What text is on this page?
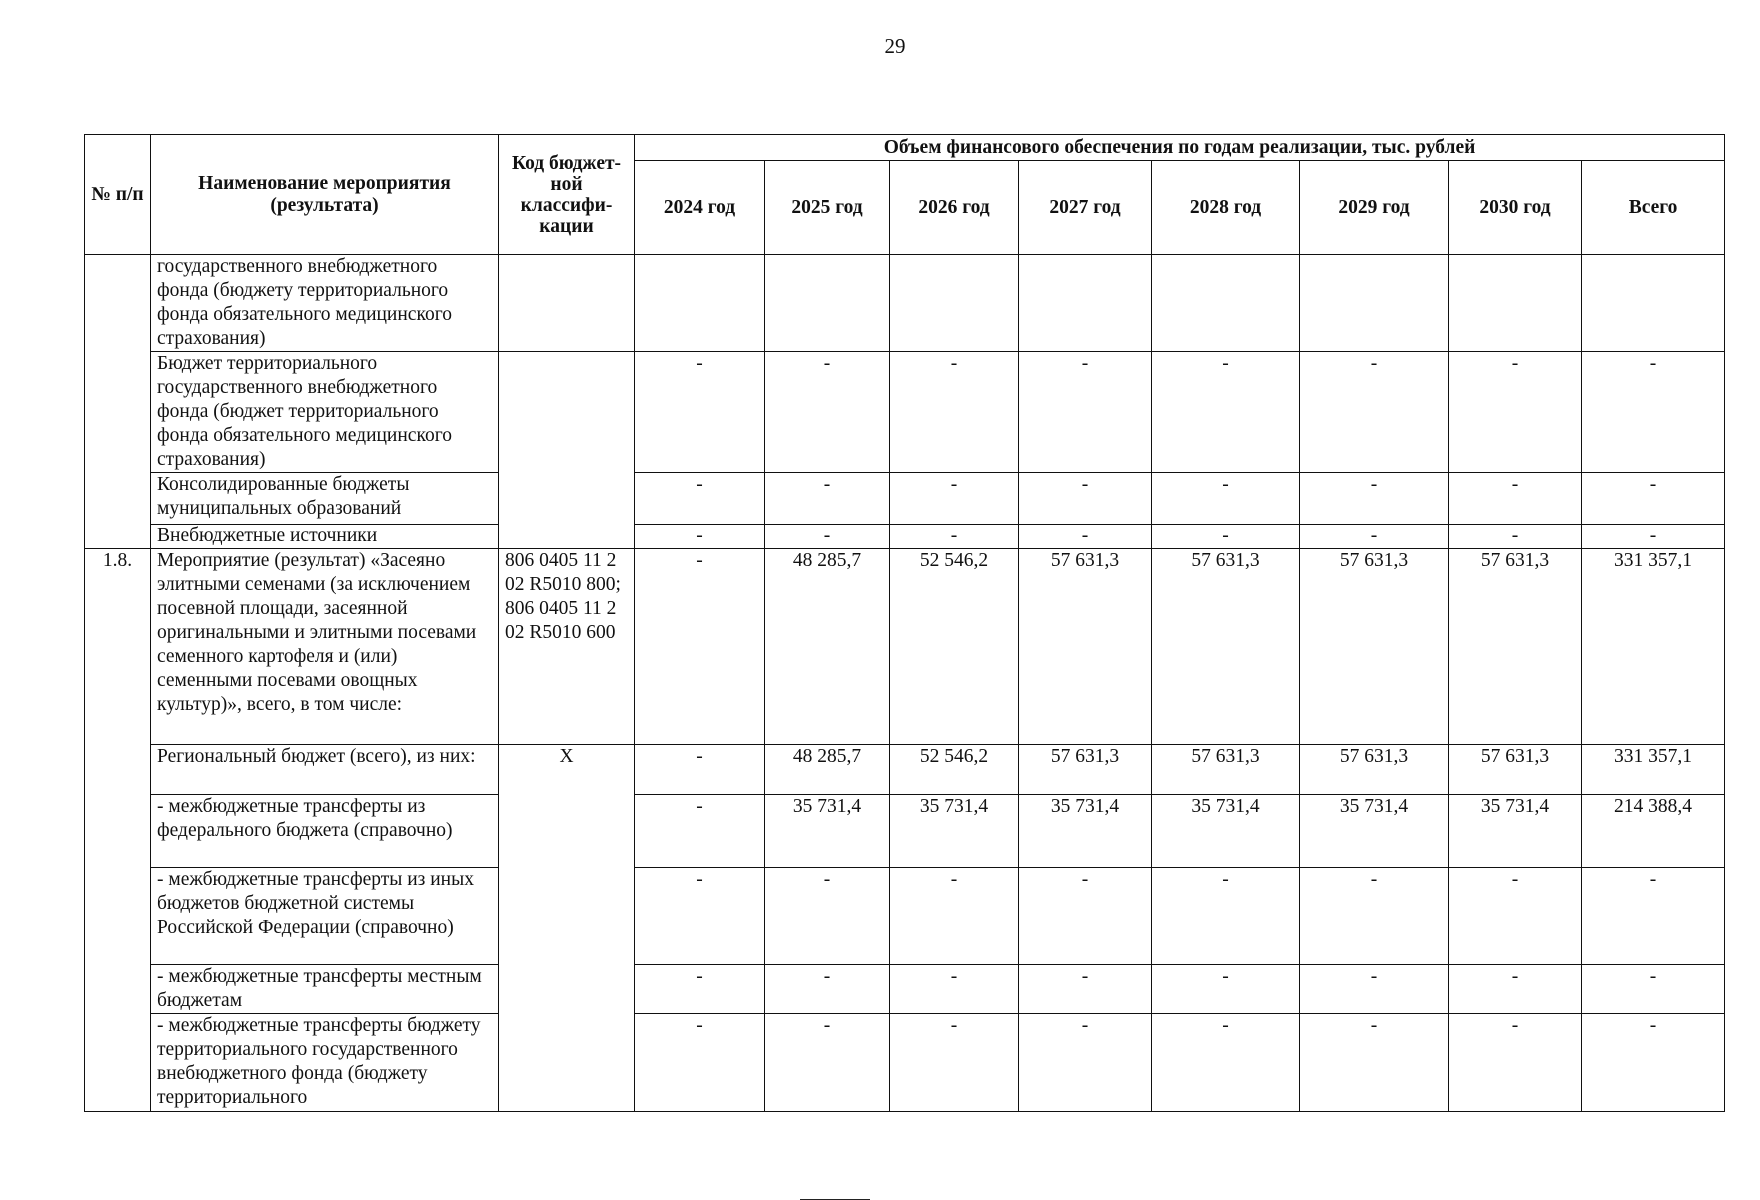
29
№ п/п	Наименование мероприятия (результата)	Код бюджет-ной классифи-кации	Объем финансового обеспечения по годам реализации, тыс. рублей							
			2024 год	2025 год	2026 год	2027 год	2028 год	2029 год	2030 год	Всего
	государственного внебюджетного фонда (бюджету территориального фонда обязательного медицинского страхования)									
	Бюджет территориального государственного внебюджетного фонда (бюджет территориального фонда обязательного медицинского страхования)		-	-	-	-	-	-	-	-
	Консолидированные бюджеты муниципальных образований		-	-	-	-	-	-	-	-
	Внебюджетные источники		-	-	-	-	-	-	-	-
1.8.	Мероприятие (результат) «Засеяно элитными семенами (за исключением посевной площади, засеянной оригинальными и элитными посевами семенного картофеля и (или) семенными посевами овощных культур)», всего, в том числе:	806 0405 11 2 02 R5010 800; 806 0405 11 2 02 R5010 600	-	48 285,7	52 546,2	57 631,3	57 631,3	57 631,3	57 631,3	331 357,1
	Региональный бюджет (всего), из них:	X	-	48 285,7	52 546,2	57 631,3	57 631,3	57 631,3	57 631,3	331 357,1
	- межбюджетные трансферты из федерального бюджета (справочно)		-	35 731,4	35 731,4	35 731,4	35 731,4	35 731,4	35 731,4	214 388,4
	- межбюджетные трансферты из иных бюджетов бюджетной системы Российской Федерации (справочно)		-	-	-	-	-	-	-	-
	- межбюджетные трансферты местным бюджетам		-	-	-	-	-	-	-	-
	- межбюджетные трансферты бюджету территориального государственного внебюджетного фонда (бюджету территориального		-	-	-	-	-	-	-	-
